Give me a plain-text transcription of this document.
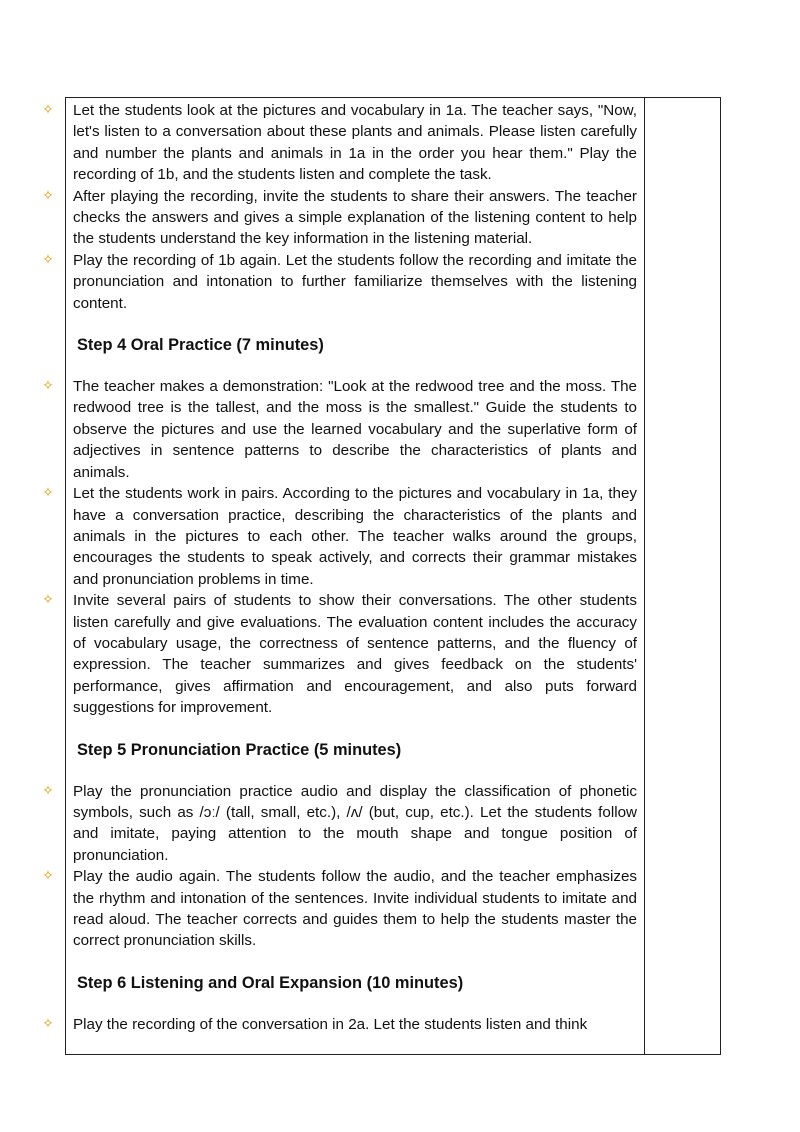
✧ Let the students look at the pictures and vocabulary in 1a. The teacher says, "Now, let's listen to a conversation about these plants and animals. Please listen carefully and number the plants and animals in 1a in the order you hear them." Play the recording of 1b, and the students listen and complete the task.

✧ After playing the recording, invite the students to share their answers. The teacher checks the answers and gives a simple explanation of the listening content to help the students understand the key information in the listening material.

✧ Play the recording of 1b again. Let the students follow the recording and imitate the pronunciation and intonation to further familiarize themselves with the listening content.

Step 4 Oral Practice (7 minutes)

✧ The teacher makes a demonstration: "Look at the redwood tree and the moss. The redwood tree is the tallest, and the moss is the smallest." Guide the students to observe the pictures and use the learned vocabulary and the superlative form of adjectives in sentence patterns to describe the characteristics of plants and animals.

✧ Let the students work in pairs. According to the pictures and vocabulary in 1a, they have a conversation practice, describing the characteristics of the plants and animals in the pictures to each other. The teacher walks around the groups, encourages the students to speak actively, and corrects their grammar mistakes and pronunciation problems in time.

✧ Invite several pairs of students to show their conversations. The other students listen carefully and give evaluations. The evaluation content includes the accuracy of vocabulary usage, the correctness of sentence patterns, and the fluency of expression. The teacher summarizes and gives feedback on the students' performance, gives affirmation and encouragement, and also puts forward suggestions for improvement.

Step 5 Pronunciation Practice (5 minutes)

✧ Play the pronunciation practice audio and display the classification of phonetic symbols, such as /ɔː/ (tall, small, etc.), /ʌ/ (but, cup, etc.). Let the students follow and imitate, paying attention to the mouth shape and tongue position of pronunciation.

✧ Play the audio again. The students follow the audio, and the teacher emphasizes the rhythm and intonation of the sentences. Invite individual students to imitate and read aloud. The teacher corrects and guides them to help the students master the correct pronunciation skills.

Step 6 Listening and Oral Expansion (10 minutes)

✧ Play the recording of the conversation in 2a. Let the students listen and think
